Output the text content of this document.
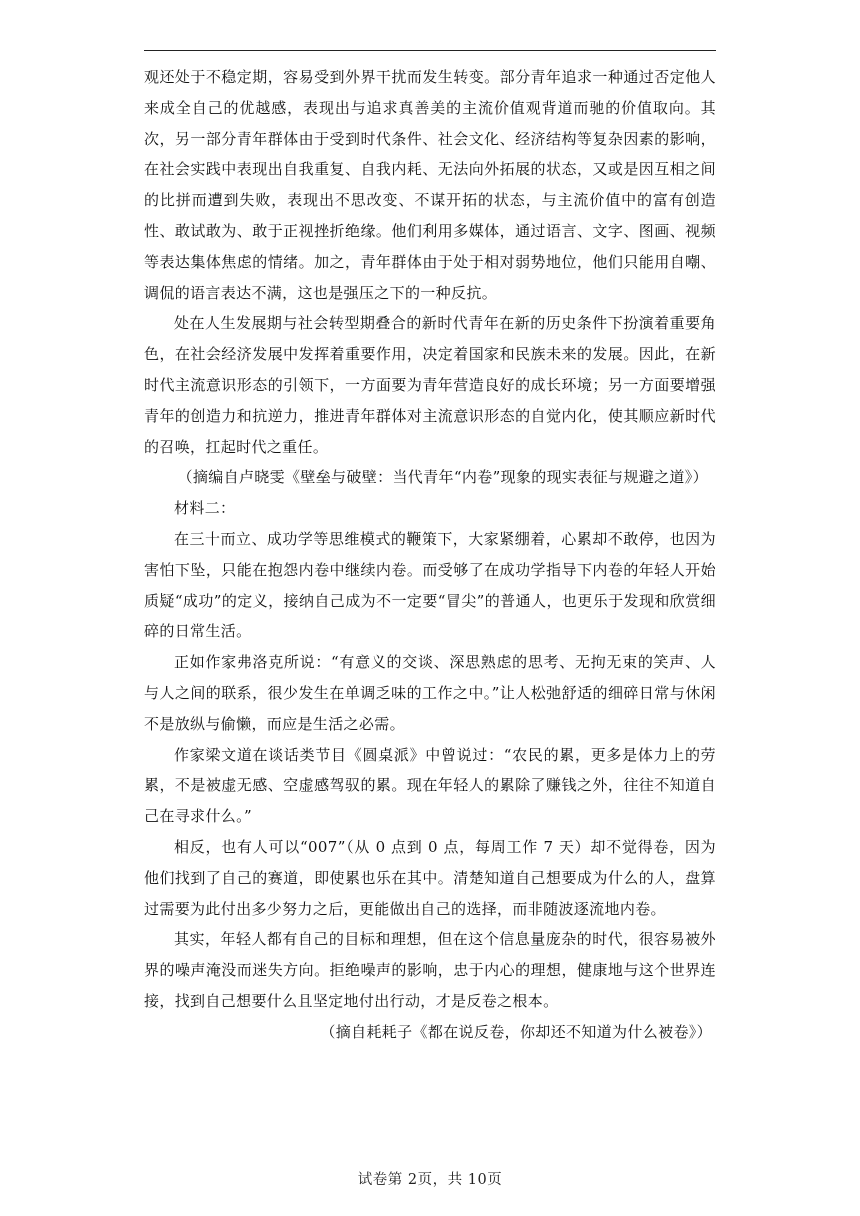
观还处于不稳定期，容易受到外界干扰而发生转变。部分青年追求一种通过否定他人来成全自己的优越感，表现出与追求真善美的主流价值观背道而驰的价值取向。其次，另一部分青年群体由于受到时代条件、社会文化、经济结构等复杂因素的影响，在社会实践中表现出自我重复、自我内耗、无法向外拓展的状态，又或是因互相之间的比拼而遭到失败，表现出不思改变、不谋开拓的状态，与主流价值中的富有创造性、敢试敢为、敢于正视挫折绝缘。他们利用多媒体，通过语言、文字、图画、视频等表达集体焦虑的情绪。加之，青年群体由于处于相对弱势地位，他们只能用自嘲、调侃的语言表达不满，这也是强压之下的一种反抗。

处在人生发展期与社会转型期叠合的新时代青年在新的历史条件下扮演着重要角色，在社会经济发展中发挥着重要作用，决定着国家和民族未来的发展。因此，在新时代主流意识形态的引领下，一方面要为青年营造良好的成长环境；另一方面要增强青年的创造力和抗逆力，推进青年群体对主流意识形态的自觉内化，使其顺应新时代的召唤，扛起时代之重任。

（摘编自卢晓雯《壁垒与破壁：当代青年“内卷”现象的现实表征与规避之道》）

材料二：

在三十而立、成功学等思维模式的鞭策下，大家紧绷着，心累却不敢停，也因为害怕下坠，只能在抱怨内卷中继续内卷。而受够了在成功学指导下内卷的年轻人开始质疑“成功”的定义，接纳自己成为不一定要“冒尖”的普通人，也更乐于发现和欣赏细碎的日常生活。

正如作家弗洛克所说：“有意义的交谈、深思熟虑的思考、无拘无束的笑声、人与人之间的联系，很少发生在单调乏味的工作之中。”让人松弛舒适的细碎日常与休闲不是放纵与偷懒，而应是生活之必需。

作家梁文道在谈话类节目《圆桌派》中曾说过：“农民的累，更多是体力上的劳累，不是被虚无感、空虚感驾驭的累。现在年轻人的累除了赚钱之外，往往不知道自己在寻求什么。”

相反，也有人可以“007”（从 0 点到 0 点，每周工作 7 天）却不觉得卷，因为他们找到了自己的赛道，即使累也乐在其中。清楚知道自己想要成为什么的人，盘算过需要为此付出多少努力之后，更能做出自己的选择，而非随波逐流地内卷。

其实，年轻人都有自己的目标和理想，但在这个信息量庞杂的时代，很容易被外界的噪声淹没而迷失方向。拒绝噪声的影响，忠于内心的理想，健康地与这个世界连接，找到自己想要什么且坚定地付出行动，才是反卷之根本。

（摘自耗耗子《都在说反卷，你却还不知道为什么被卷》）

试卷第 2页，共 10页
